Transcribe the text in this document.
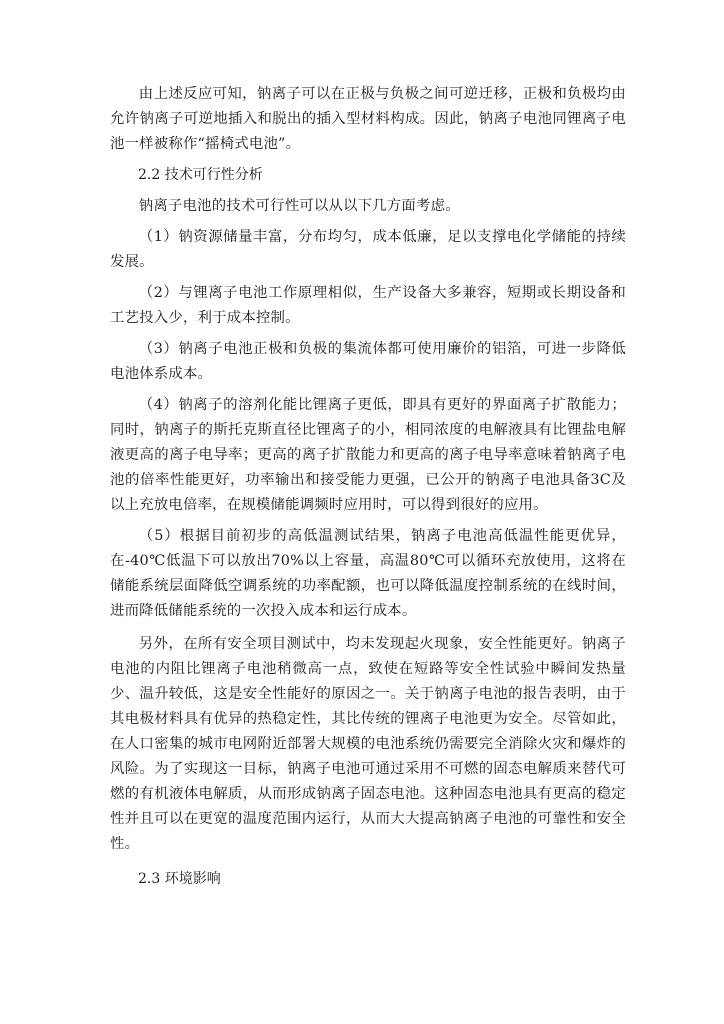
由上述反应可知，钠离子可以在正极与负极之间可逆迁移，正极和负极均由允许钠离子可逆地插入和脱出的插入型材料构成。因此，钠离子电池同锂离子电池一样被称作“摇椅式电池”。

2.2 技术可行性分析

钠离子电池的技术可行性可以从以下几方面考虑。

（1）钠资源储量丰富，分布均匀，成本低廉，足以支撑电化学储能的持续发展。

（2）与锂离子电池工作原理相似，生产设备大多兼容，短期或长期设备和工艺投入少，利于成本控制。

（3）钠离子电池正极和负极的集流体都可使用廉价的铝箔，可进一步降低电池体系成本。

（4）钠离子的溶剂化能比锂离子更低，即具有更好的界面离子扩散能力；同时，钠离子的斯托克斯直径比锂离子的小，相同浓度的电解液具有比锂盐电解液更高的离子电导率；更高的离子扩散能力和更高的离子电导率意味着钠离子电池的倍率性能更好，功率输出和接受能力更强，已公开的钠离子电池具备3C及以上充放电倍率，在规模储能调频时应用时，可以得到很好的应用。

（5）根据目前初步的高低温测试结果，钠离子电池高低温性能更优异，在-40℃低温下可以放出70%以上容量，高温80℃可以循环充放使用，这将在储能系统层面降低空调系统的功率配额，也可以降低温度控制系统的在线时间，进而降低储能系统的一次投入成本和运行成本。

另外，在所有安全项目测试中，均未发现起火现象，安全性能更好。钠离子电池的内阻比锂离子电池稍微高一点，致使在短路等安全性试验中瞬间发热量少、温升较低，这是安全性能好的原因之一。关于钠离子电池的报告表明，由于其电极材料具有优异的热稳定性，其比传统的锂离子电池更为安全。尽管如此，在人口密集的城市电网附近部署大规模的电池系统仍需要完全消除火灾和爆炸的风险。为了实现这一目标，钠离子电池可通过采用不可燃的固态电解质来替代可燃的有机液体电解质，从而形成钠离子固态电池。这种固态电池具有更高的稳定性并且可以在更宽的温度范围内运行，从而大大提高钠离子电池的可靠性和安全性。

2.3 环境影响
